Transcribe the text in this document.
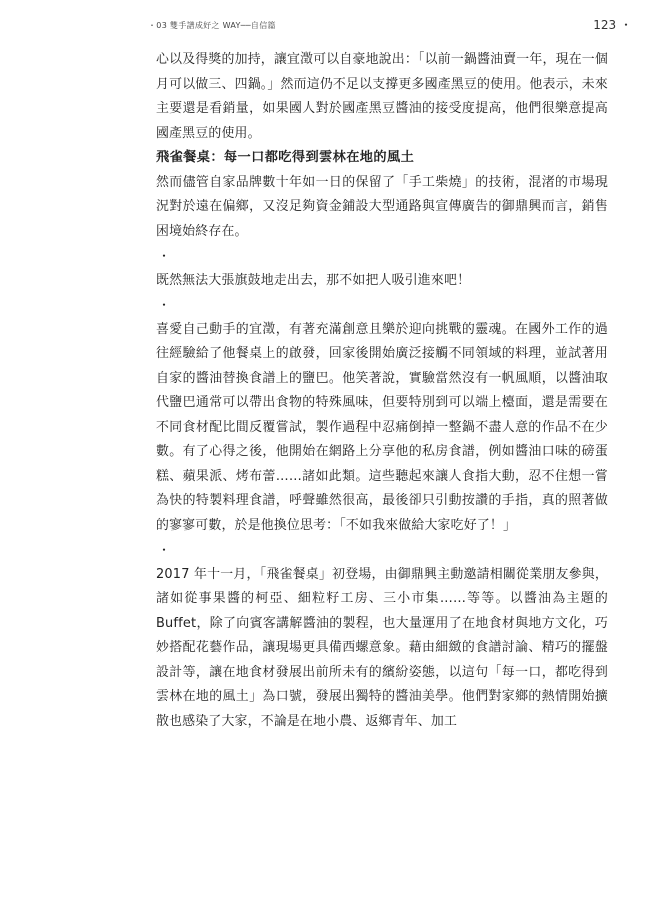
・03 雙手譜成好之 WAY──自信篇	123 ・

心以及得獎的加持，讓宜澂可以自豪地說出：「以前一鍋醬油賣一年，現在一個月可以做三、四鍋。」然而這仍不足以支撐更多國產黑豆的使用。他表示，未來主要還是看銷量，如果國人對於國產黑豆醬油的接受度提高，他們很樂意提高國產黑豆的使用。

飛雀餐桌：每一口都吃得到雲林在地的風土

然而儘管自家品牌數十年如一日的保留了「手工柴燒」的技術，混渚的市場現況對於遠在偏鄉，又沒足夠資金鋪設大型通路與宣傳廣告的御鼎興而言，銷售困境始終存在。

・

既然無法大張旗鼓地走出去，那不如把人吸引進來吧！

・

喜愛自己動手的宜澂，有著充滿創意且樂於迎向挑戰的靈魂。在國外工作的過往經驗給了他餐桌上的啟發，回家後開始廣泛接觸不同領域的料理，並試著用自家的醬油替換食譜上的鹽巴。他笑著說，實驗當然沒有一帆風順，以醬油取代鹽巴通常可以帶出食物的特殊風味，但要特別到可以端上檯面，還是需要在不同食材配比間反覆嘗試，製作過程中忍痛倒掉一整鍋不盡人意的作品不在少數。有了心得之後，他開始在網路上分享他的私房食譜，例如醬油口味的磅蛋糕、蘋果派、烤布蕾……諸如此類。這些聽起來讓人食指大動，忍不住想一嘗為快的特製料理食譜，呼聲雖然很高，最後卻只引動按讚的手指，真的照著做的寥寥可數，於是他換位思考：「不如我來做給大家吃好了！」

・

2017 年十一月，「飛雀餐桌」初登場，由御鼎興主動邀請相關從業朋友參與，諸如從事果醬的柯亞、細粒籽工房、三小市集……等等。以醬油為主題的 Buffet，除了向賓客講解醬油的製程，也大量運用了在地食材與地方文化，巧妙搭配花藝作品，讓現場更具備西螺意象。藉由細緻的食譜討論、精巧的擺盤設計等，讓在地食材發展出前所未有的繽紛姿態，以這句「每一口，都吃得到雲林在地的風土」為口號，發展出獨特的醬油美學。他們對家鄉的熱情開始擴散也感染了大家，不論是在地小農、返鄉青年、加工
